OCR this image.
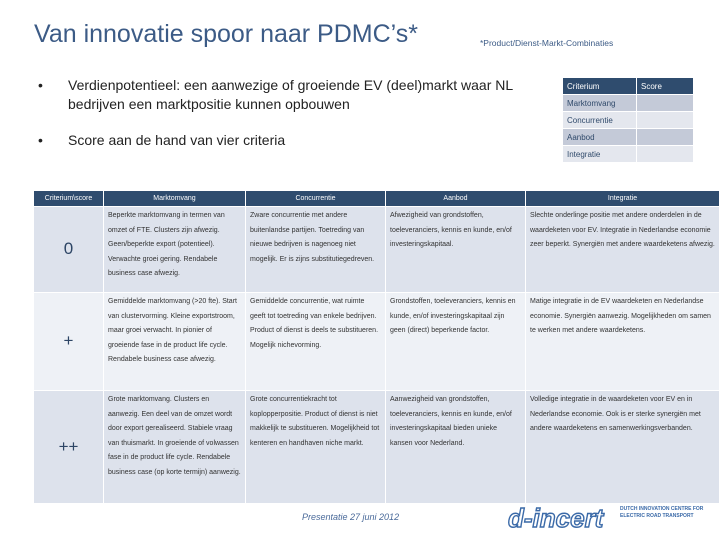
Van innovatie spoor naar PDMC’s*	*Product/Dienst-Markt-Combinaties
• Verdienpotentieel: een aanwezige of groeiende EV (deel)markt waar NL bedrijven een marktpositie kunnen opbouwen
• Score aan de hand van vier criteria
Criterium	Score
Marktomvang	
Concurrentie	
Aanbod	
Integratie	
Criterium\score	Marktomvang	Concurrentie	Aanbod	Integratie
0	Beperkte marktomvang in termen van omzet of FTE. Clusters zijn afwezig. Geen/beperkte export (potentieel). Verwachte groei gering. Rendabele business case afwezig.	Zware concurrentie met andere buitenlandse partijen. Toetreding van nieuwe bedrijven is nagenoeg niet mogelijk. Er is zijns substitutiegedreven.	Afwezigheid van grondstoffen, toeleveranciers, kennis en kunde, en/of investeringskapitaal.	Slechte onderlinge positie met andere onderdelen in de waardeketen voor EV. Integratie in Nederlandse economie zeer beperkt. Synergiën met andere waardeketens afwezig.
+	Gemiddelde marktomvang (>20 fte). Start van clustervorming. Kleine exportstroom, maar groei verwacht. In pionier of groeiende fase in de product life cycle. Rendabele business case afwezig.	Gemiddelde concurrentie, wat ruimte geeft tot toetreding van enkele bedrijven. Product of dienst is deels te substitueren. Mogelijk nichevorming.	Grondstoffen, toeleveranciers, kennis en kunde, en/of investeringskapitaal zijn geen (direct) beperkende factor.	Matige integratie in de EV waardeketen en Nederlandse economie. Synergiën aanwezig. Mogelijkheden om samen te werken met andere waardeketens.
++	Grote marktomvang. Clusters en aanwezig. Een deel van de omzet wordt door export gerealiseerd. Stabiele vraag van thuismarkt. In groeiende of volwassen fase in de product life cycle. Rendabele business case (op korte termijn) aanwezig.	Grote concurrentiekracht tot koplopperpositie. Product of dienst is niet makkelijk te substitueren. Mogelijkheid tot kenteren en handhaven niche markt.	Aanwezigheid van grondstoffen, toeleveranciers, kennis en kunde, en/of investeringskapitaal bieden unieke kansen voor Nederland.	Volledige integratie in de waardeketen voor EV en in Nederlandse economie. Ook is er sterke synergiën met andere waardeketens en samenwerkingsverbanden.
Presentatie 27 juni 2012	d-incert	DUTCH INNOVATION CENTRE FOR ELECTRIC ROAD TRANSPORT
